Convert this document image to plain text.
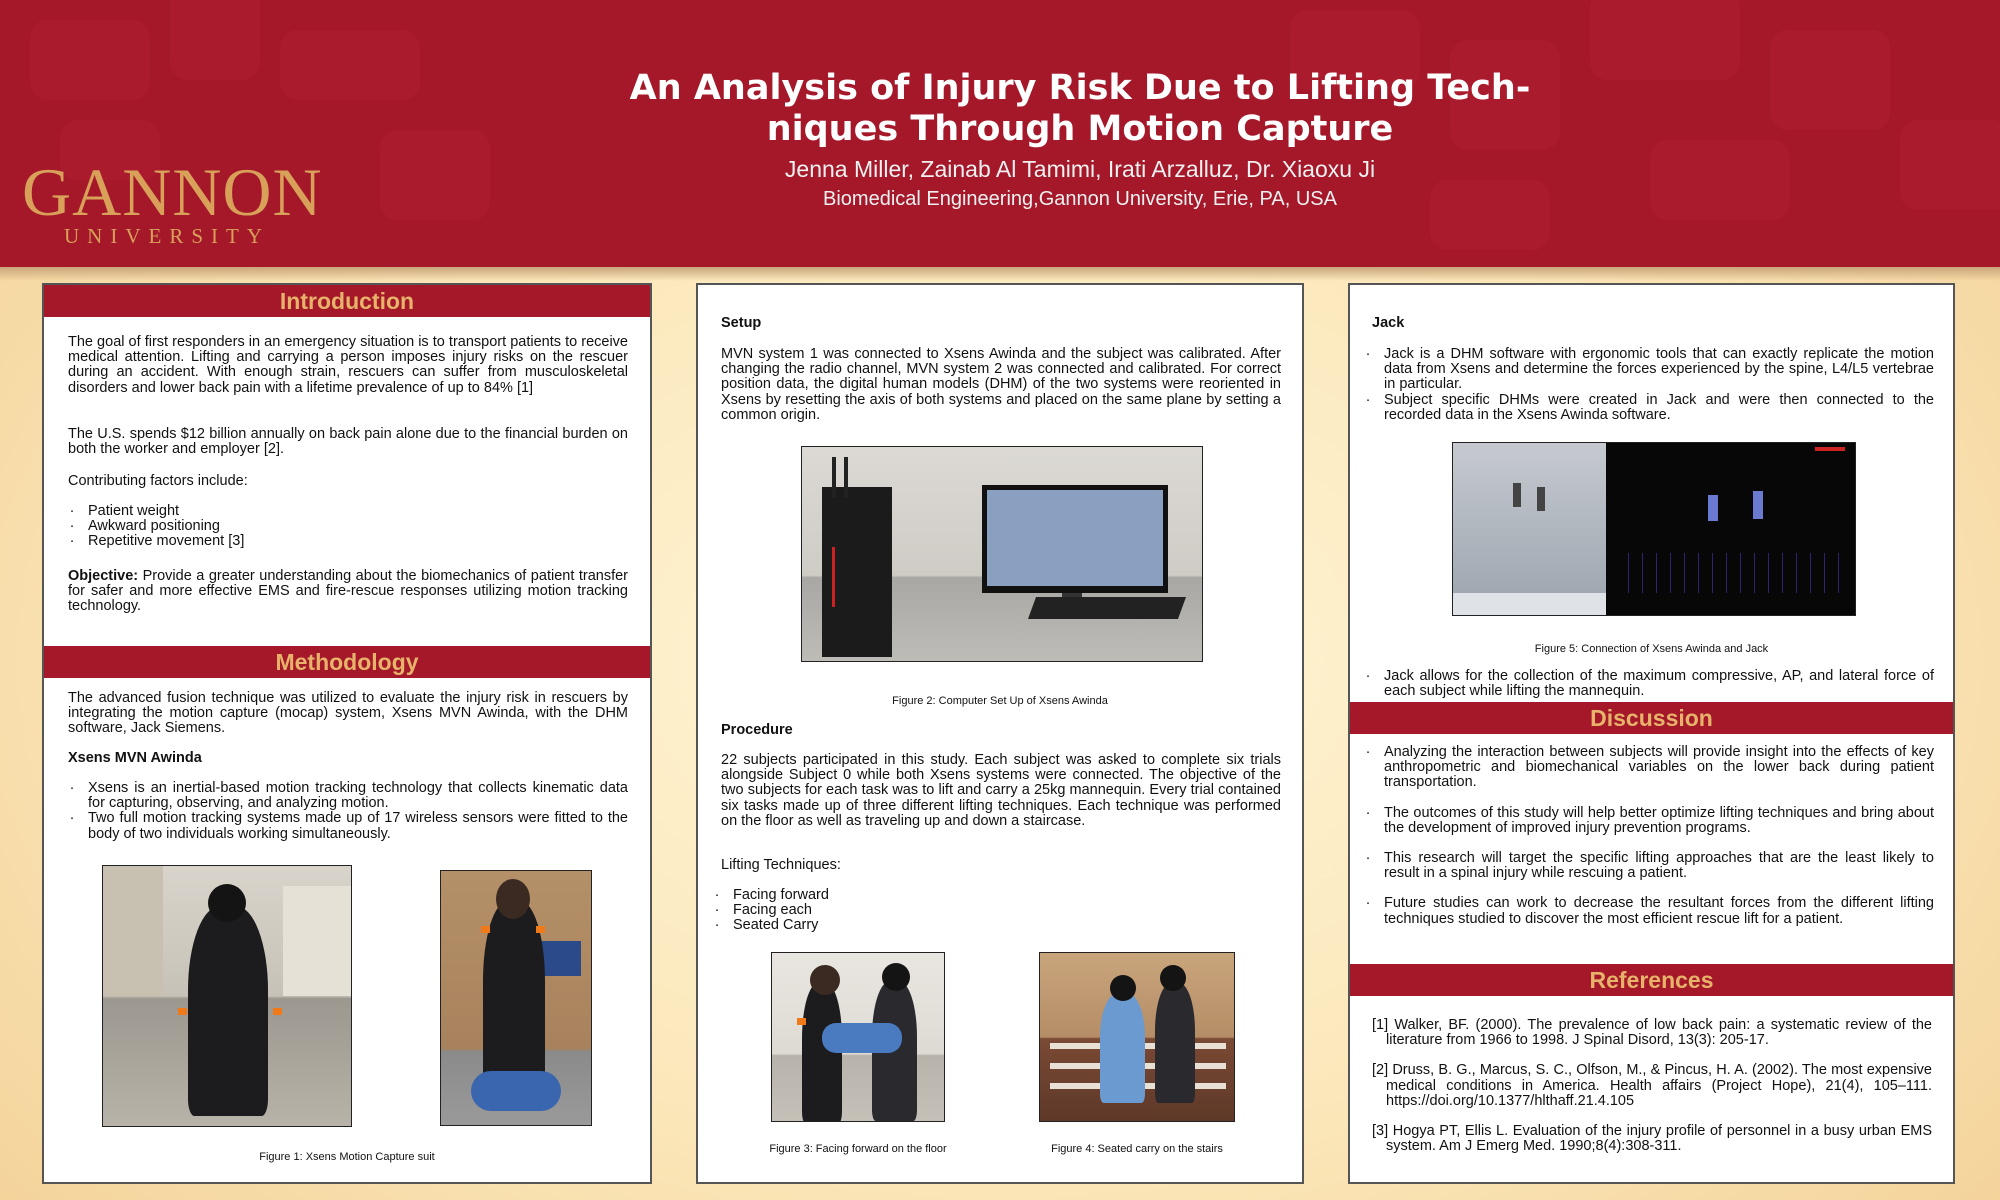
GANNON
UNIVERSITY
An Analysis of Injury Risk Due to Lifting Tech-
niques Through Motion Capture
Jenna Miller, Zainab Al Tamimi, Irati Arzalluz, Dr. Xiaoxu Ji
Biomedical Engineering,Gannon University, Erie, PA, USA
Introduction
The goal of first responders in an emergency situation is to transport patients to receive medical attention. Lifting and carrying a person imposes injury risks on the rescuer during an accident. With enough strain, rescuers can suffer from musculoskeletal disorders and lower back pain with a lifetime prevalence of up to 84% [1]
The U.S. spends $12 billion annually on back pain alone due to the financial burden on both the worker and employer [2].
Contributing factors include:
. Patient weight
. Awkward positioning
. Repetitive movement [3]
Objective: Provide a greater understanding about the biomechanics of patient transfer for safer and more effective EMS and fire-rescue responses utilizing motion tracking technology.
Methodology
The advanced fusion technique was utilized to evaluate the injury risk in rescuers by integrating the motion capture (mocap) system, Xsens MVN Awinda, with the DHM software, Jack Siemens.
Xsens MVN Awinda
. Xsens is an inertial-based motion tracking technology that collects kinematic data for capturing, observing, and analyzing motion.
. Two full motion tracking systems made up of 17 wireless sensors were fitted to the body of two individuals working simultaneously.
Figure 1: Xsens Motion Capture suit
Setup
MVN system 1 was connected to Xsens Awinda and the subject was calibrated. After changing the radio channel, MVN system 2 was connected and calibrated. For correct position data, the digital human models (DHM) of the two systems were reoriented in Xsens by resetting the axis of both systems and placed on the same plane by setting a common origin.
Figure 2: Computer Set Up of Xsens Awinda
Procedure
22 subjects participated in this study. Each subject was asked to complete six trials alongside Subject 0 while both Xsens systems were connected. The objective of the two subjects for each task was to lift and carry a 25kg mannequin. Every trial contained six tasks made up of three different lifting techniques. Each technique was performed on the floor as well as traveling up and down a staircase.
Lifting Techniques:
. Facing forward
. Facing each
. Seated Carry
Figure 3: Facing forward on the floor	Figure 4: Seated carry on the stairs
Jack
. Jack is a DHM software with ergonomic tools that can exactly replicate the motion data from Xsens and determine the forces experienced by the spine, L4/L5 vertebrae in particular.
. Subject specific DHMs were created in Jack and were then connected to the recorded data in the Xsens Awinda software.
Figure 5: Connection of Xsens Awinda and Jack
. Jack allows for the collection of the maximum compressive, AP, and lateral force of each subject while lifting the mannequin.
Discussion
. Analyzing the interaction between subjects will provide insight into the effects of key anthropometric and biomechanical variables on the lower back during patient transportation.
. The outcomes of this study will help better optimize lifting techniques and bring about the development of improved injury prevention programs.
. This research will target the specific lifting approaches that are the least likely to result in a spinal injury while rescuing a patient.
. Future studies can work to decrease the resultant forces from the different lifting techniques studied to discover the most efficient rescue lift for a patient.
References
[1] Walker, BF. (2000). The prevalence of low back pain: a systematic review of the literature from 1966 to 1998. J Spinal Disord, 13(3): 205-17.
[2] Druss, B. G., Marcus, S. C., Olfson, M., & Pincus, H. A. (2002). The most expensive medical conditions in America. Health affairs (Project Hope), 21(4), 105–111. https://doi.org/10.1377/hlthaff.21.4.105
[3] Hogya PT, Ellis L. Evaluation of the injury profile of personnel in a busy urban EMS system. Am J Emerg Med. 1990;8(4):308-311.
